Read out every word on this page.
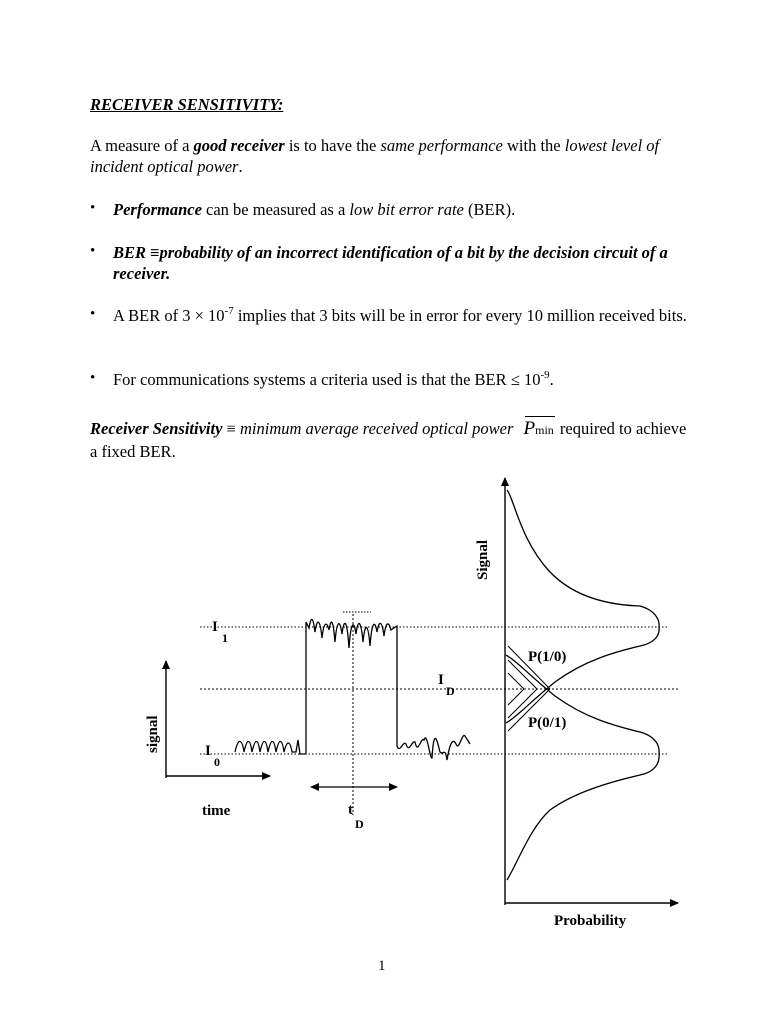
RECEIVER SENSITIVITY:
A measure of a good receiver is to have the same performance with the lowest level of incident optical power.
• Performance can be measured as a low bit error rate (BER).
• BER ≡probability of an incorrect identification of a bit by the decision circuit of a receiver.
• A BER of $3 \times 10^{-7}$ implies that 3 bits will be in error for every 10 million received bits.
• For communications systems a criteria used is that the BER ≤ $10^{-9}$.
Receiver Sensitivity ≡ minimum average received optical power Pmin required to achieve a fixed BER.
Signal
signal
time
Probability
I
1
I
0
I
D
t
D
P(1/0)
P(0/1)
1
